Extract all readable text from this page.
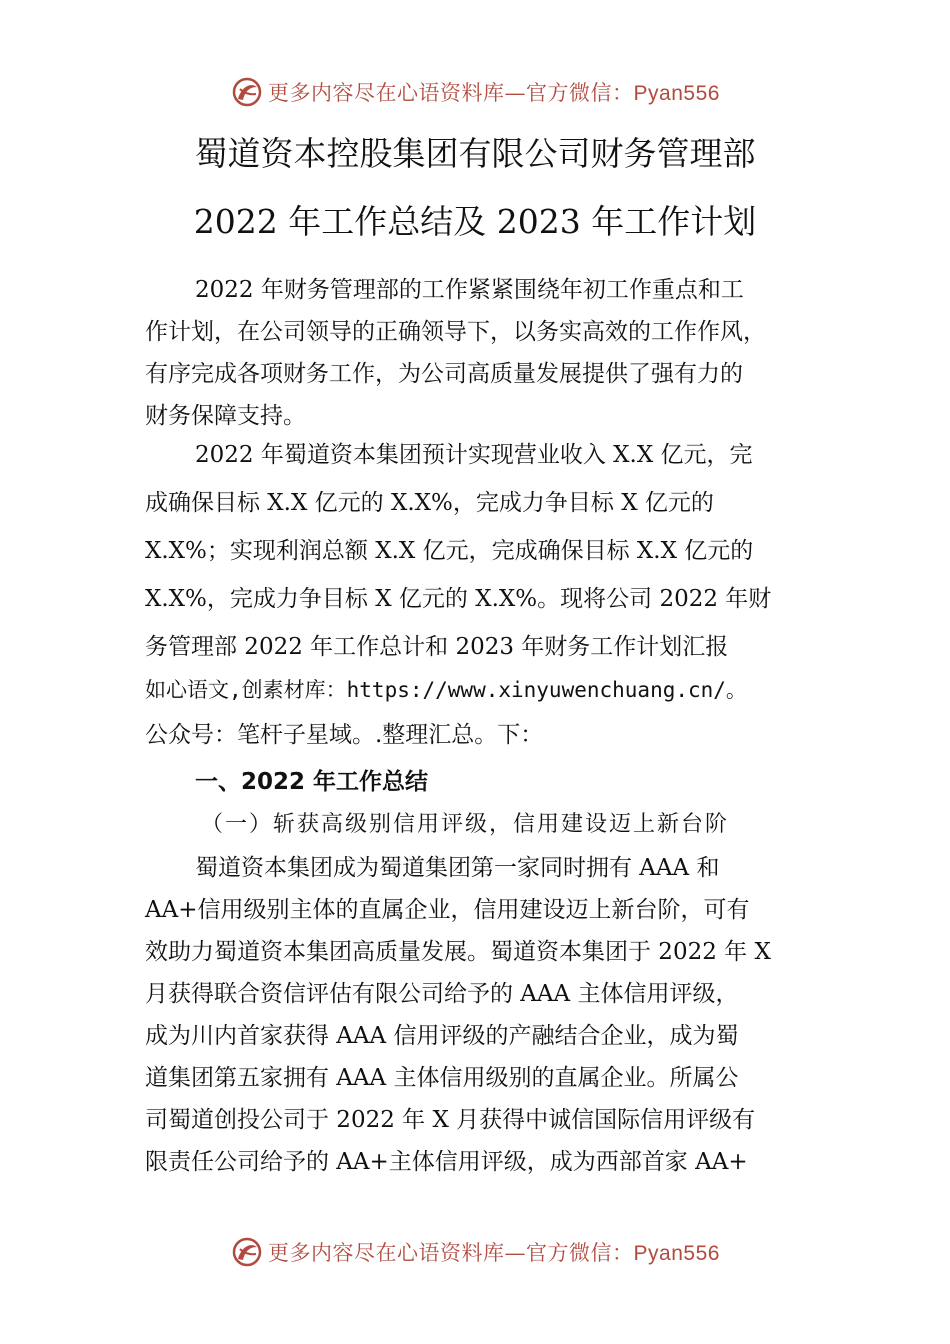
更多内容尽在心语资料库—官方微信：Pyan556
蜀道资本控股集团有限公司财务管理部
2022 年工作总结及 2023 年工作计划
2022 年财务管理部的工作紧紧围绕年初工作重点和工
作计划，在公司领导的正确领导下，以务实高效的工作作风，
有序完成各项财务工作，为公司高质量发展提供了强有力的
财务保障支持。
2022 年蜀道资本集团预计实现营业收入 X.X 亿元，完
成确保目标 X.X 亿元的 X.X%，完成力争目标 X 亿元的
X.X%；实现利润总额 X.X 亿元，完成确保目标 X.X 亿元的
X.X%，完成力争目标 X 亿元的 X.X%。现将公司 2022 年财
务管理部 2022 年工作总计和 2023 年财务工作计划汇报
如心语文,创素材库：https://www.xinyuwenchuang.cn/。
公众号：笔杆子星域。.整理汇总。下：
一、2022 年工作总结
（一）斩获高级别信用评级，信用建设迈上新台阶
蜀道资本集团成为蜀道集团第一家同时拥有 AAA 和
AA+信用级别主体的直属企业，信用建设迈上新台阶，可有
效助力蜀道资本集团高质量发展。蜀道资本集团于 2022 年 X
月获得联合资信评估有限公司给予的 AAA 主体信用评级，
成为川内首家获得 AAA 信用评级的产融结合企业，成为蜀
道集团第五家拥有 AAA 主体信用级别的直属企业。所属公
司蜀道创投公司于 2022 年 X 月获得中诚信国际信用评级有
限责任公司给予的 AA+主体信用评级，成为西部首家 AA+
更多内容尽在心语资料库—官方微信：Pyan556
